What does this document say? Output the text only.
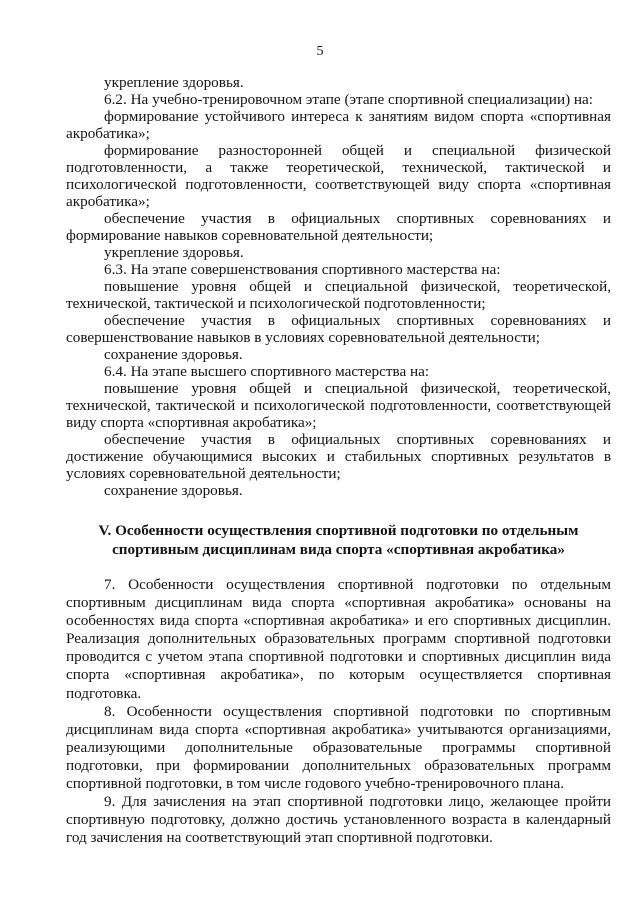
5

укрепление здоровья.

6.2. На учебно-тренировочном этапе (этапе спортивной специализации) на:

формирование устойчивого интереса к занятиям видом спорта «спортивная акробатика»;

формирование разносторонней общей и специальной физической подготовленности, а также теоретической, технической, тактической и психологической подготовленности, соответствующей виду спорта «спортивная акробатика»;

обеспечение участия в официальных спортивных соревнованиях и формирование навыков соревновательной деятельности;

укрепление здоровья.

6.3. На этапе совершенствования спортивного мастерства на:

повышение уровня общей и специальной физической, теоретической, технической, тактической и психологической подготовленности;

обеспечение участия в официальных спортивных соревнованиях и совершенствование навыков в условиях соревновательной деятельности;

сохранение здоровья.

6.4. На этапе высшего спортивного мастерства на:

повышение уровня общей и специальной физической, теоретической, технической, тактической и психологической подготовленности, соответствующей виду спорта «спортивная акробатика»;

обеспечение участия в официальных спортивных соревнованиях и достижение обучающимися высоких и стабильных спортивных результатов в условиях соревновательной деятельности;

сохранение здоровья.

V. Особенности осуществления спортивной подготовки по отдельным спортивным дисциплинам вида спорта «спортивная акробатика»

7. Особенности осуществления спортивной подготовки по отдельным спортивным дисциплинам вида спорта «спортивная акробатика» основаны на особенностях вида спорта «спортивная акробатика» и его спортивных дисциплин. Реализация дополнительных образовательных программ спортивной подготовки проводится с учетом этапа спортивной подготовки и спортивных дисциплин вида спорта «спортивная акробатика», по которым осуществляется спортивная подготовка.

8. Особенности осуществления спортивной подготовки по спортивным дисциплинам вида спорта «спортивная акробатика» учитываются организациями, реализующими дополнительные образовательные программы спортивной подготовки, при формировании дополнительных образовательных программ спортивной подготовки, в том числе годового учебно-тренировочного плана.

9. Для зачисления на этап спортивной подготовки лицо, желающее пройти спортивную подготовку, должно достичь установленного возраста в календарный год зачисления на соответствующий этап спортивной подготовки.
